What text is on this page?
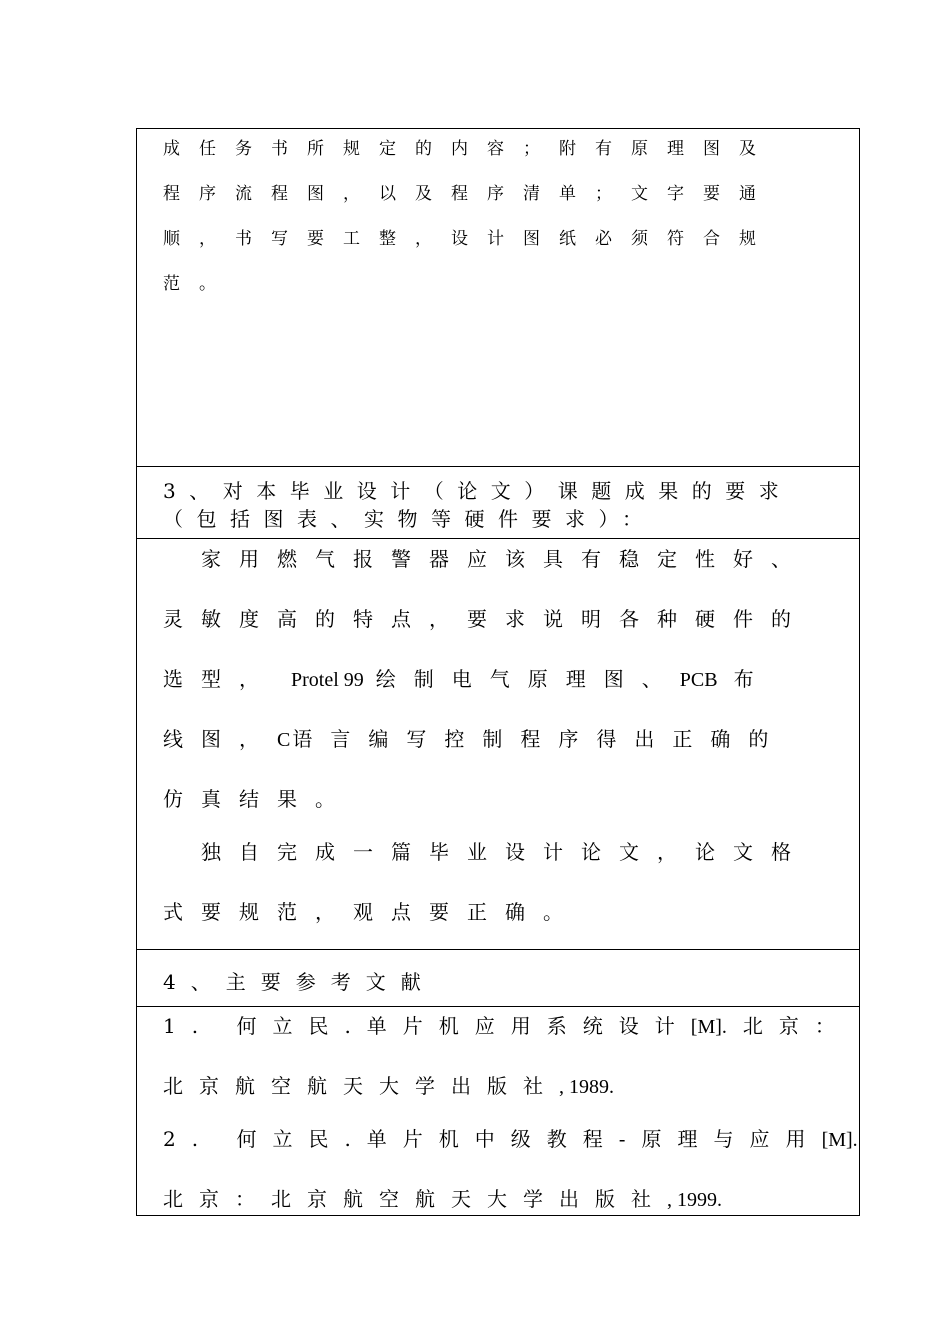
成任务书所规定的内容；附有原理图及
程序流程图，以及程序清单；文字要通
顺，书写要工整，设计图纸必须符合规
范。
3、对本毕业设计（论文）课题成果的要求
（包括图表、实物等硬件要求）：
　家用燃气报警器应该具有稳定性好、
灵敏度高的特点，要求说明各种硬件的
选型， Protel 99 绘制电气原理图、PCB 布
线图，C 语言编写控制程序得出正确的
仿真结果。
　独自完成一篇毕业设计论文，论文格
式要规范，观点要正确。
4、主要参考文献
1. 何立民.单片机应用系统设计[M]. 北京：
北京航空航天大学出版社, 1989.
2. 何立民.单片机中级教程-原理与应用[M].
北京：北京航空航天大学出版社, 1999.
